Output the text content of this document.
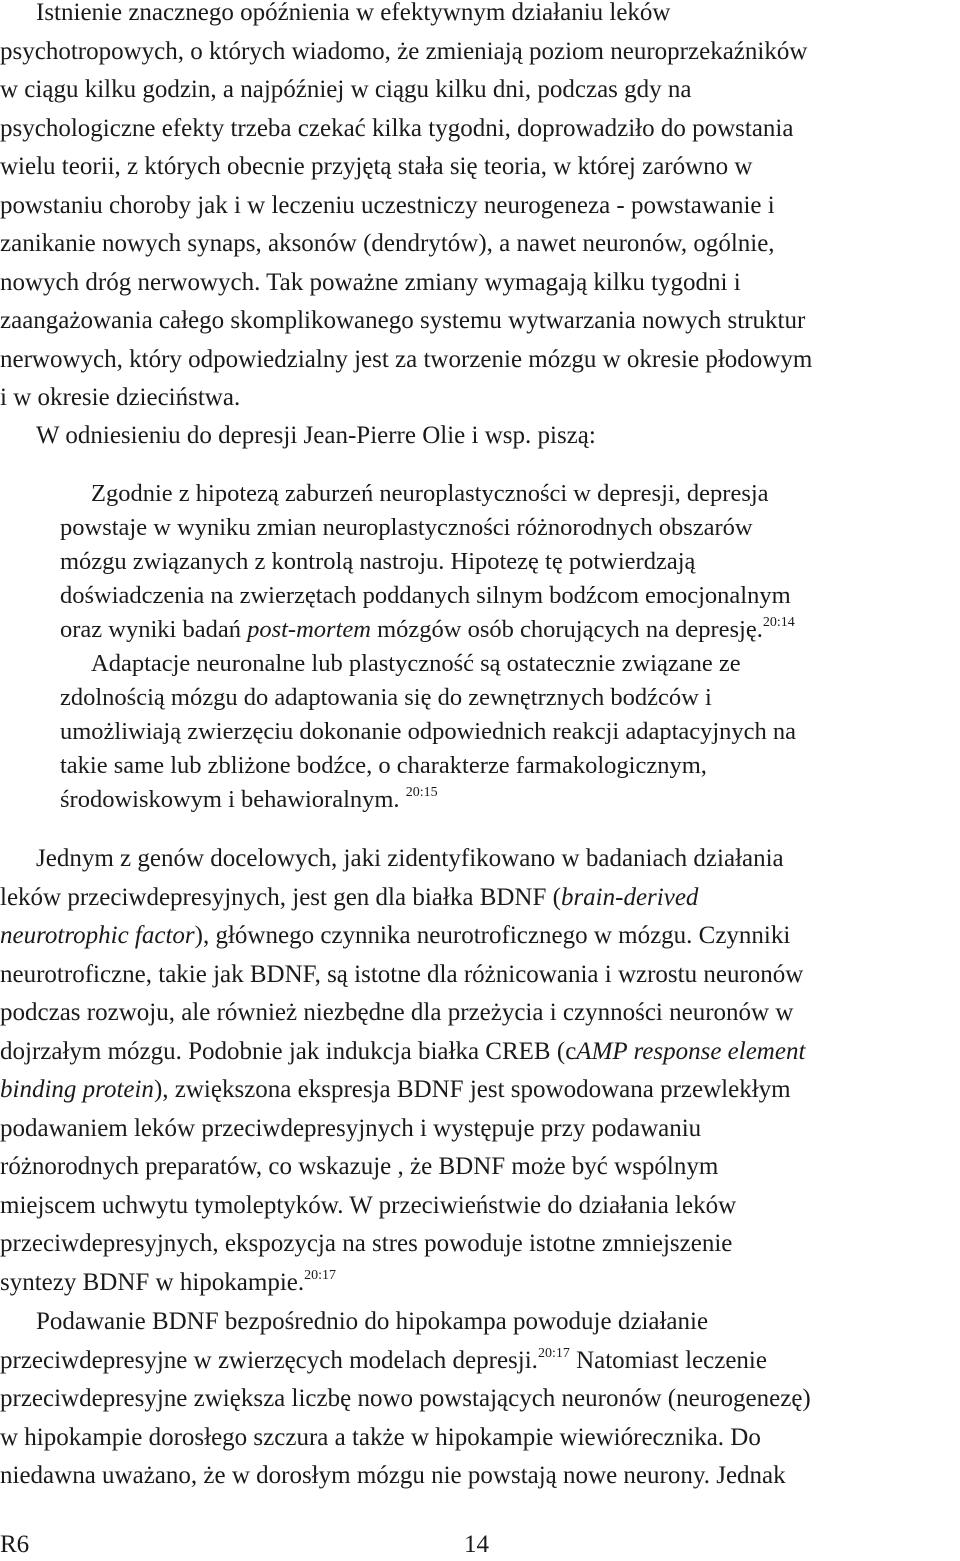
Istnienie znacznego opóźnienia w efektywnym działaniu leków
psychotropowych, o których wiadomo, że zmieniają poziom neuroprzekaźników
w ciągu kilku godzin, a najpóźniej w ciągu kilku dni, podczas gdy na
psychologiczne efekty trzeba czekać kilka tygodni, doprowadziło do powstania
wielu teorii, z których obecnie przyjętą stała się teoria, w której zarówno w
powstaniu choroby jak i w leczeniu uczestniczy neurogeneza - powstawanie i
zanikanie nowych synaps, aksonów (dendrytów), a nawet neuronów, ogólnie,
nowych dróg nerwowych. Tak poważne zmiany wymagają kilku tygodni i
zaangażowania całego skomplikowanego systemu wytwarzania nowych struktur
nerwowych, który odpowiedzialny jest za tworzenie mózgu w okresie płodowym
i w okresie dzieciństwa.
W odniesieniu do depresji Jean-Pierre Olie i wsp. piszą:
Zgodnie z hipotezą zaburzeń neuroplastyczności w depresji, depresja
powstaje w wyniku zmian neuroplastyczności różnorodnych obszarów
mózgu związanych z kontrolą nastroju. Hipotezę tę potwierdzają
doświadczenia na zwierzętach poddanych silnym bodźcom emocjonalnym
oraz wyniki badań post-mortem mózgów osób chorujących na depresję.$^{20:14}$
Adaptacje neuronalne lub plastyczność są ostatecznie związane ze
zdolnością mózgu do adaptowania się do zewnętrznych bodźców i
umożliwiają zwierzęciu dokonanie odpowiednich reakcji adaptacyjnych na
takie same lub zbliżone bodźce, o charakterze farmakologicznym,
środowiskowym i behawioralnym. $^{20:15}$
Jednym z genów docelowych, jaki zidentyfikowano w badaniach działania
leków przeciwdepresyjnych, jest gen dla białka BDNF (brain-derived
neurotrophic factor), głównego czynnika neurotroficznego w mózgu. Czynniki
neurotroficzne, takie jak BDNF, są istotne dla różnicowania i wzrostu neuronów
podczas rozwoju, ale również niezbędne dla przeżycia i czynności neuronów w
dojrzałym mózgu. Podobnie jak indukcja białka CREB (cAMP response element
binding protein), zwiększona ekspresja BDNF jest spowodowana przewlekłym
podawaniem leków przeciwdepresyjnych i występuje przy podawaniu
różnorodnych preparatów, co wskazuje , że BDNF może być wspólnym
miejscem uchwytu tymoleptyków. W przeciwieństwie do działania leków
przeciwdepresyjnych, ekspozycja na stres powoduje istotne zmniejszenie
syntezy BDNF w hipokampie.$^{20:17}$
Podawanie BDNF bezpośrednio do hipokampa powoduje działanie
przeciwdepresyjne w zwierzęcych modelach depresji.$^{20:17}$ Natomiast leczenie
przeciwdepresyjne zwiększa liczbę nowo powstających neuronów (neurogenezę)
w hipokampie dorosłego szczura a także w hipokampie wiewiórecznika. Do
niedawna uważano, że w dorosłym mózgu nie powstają nowe neurony. Jednak
R6	14
